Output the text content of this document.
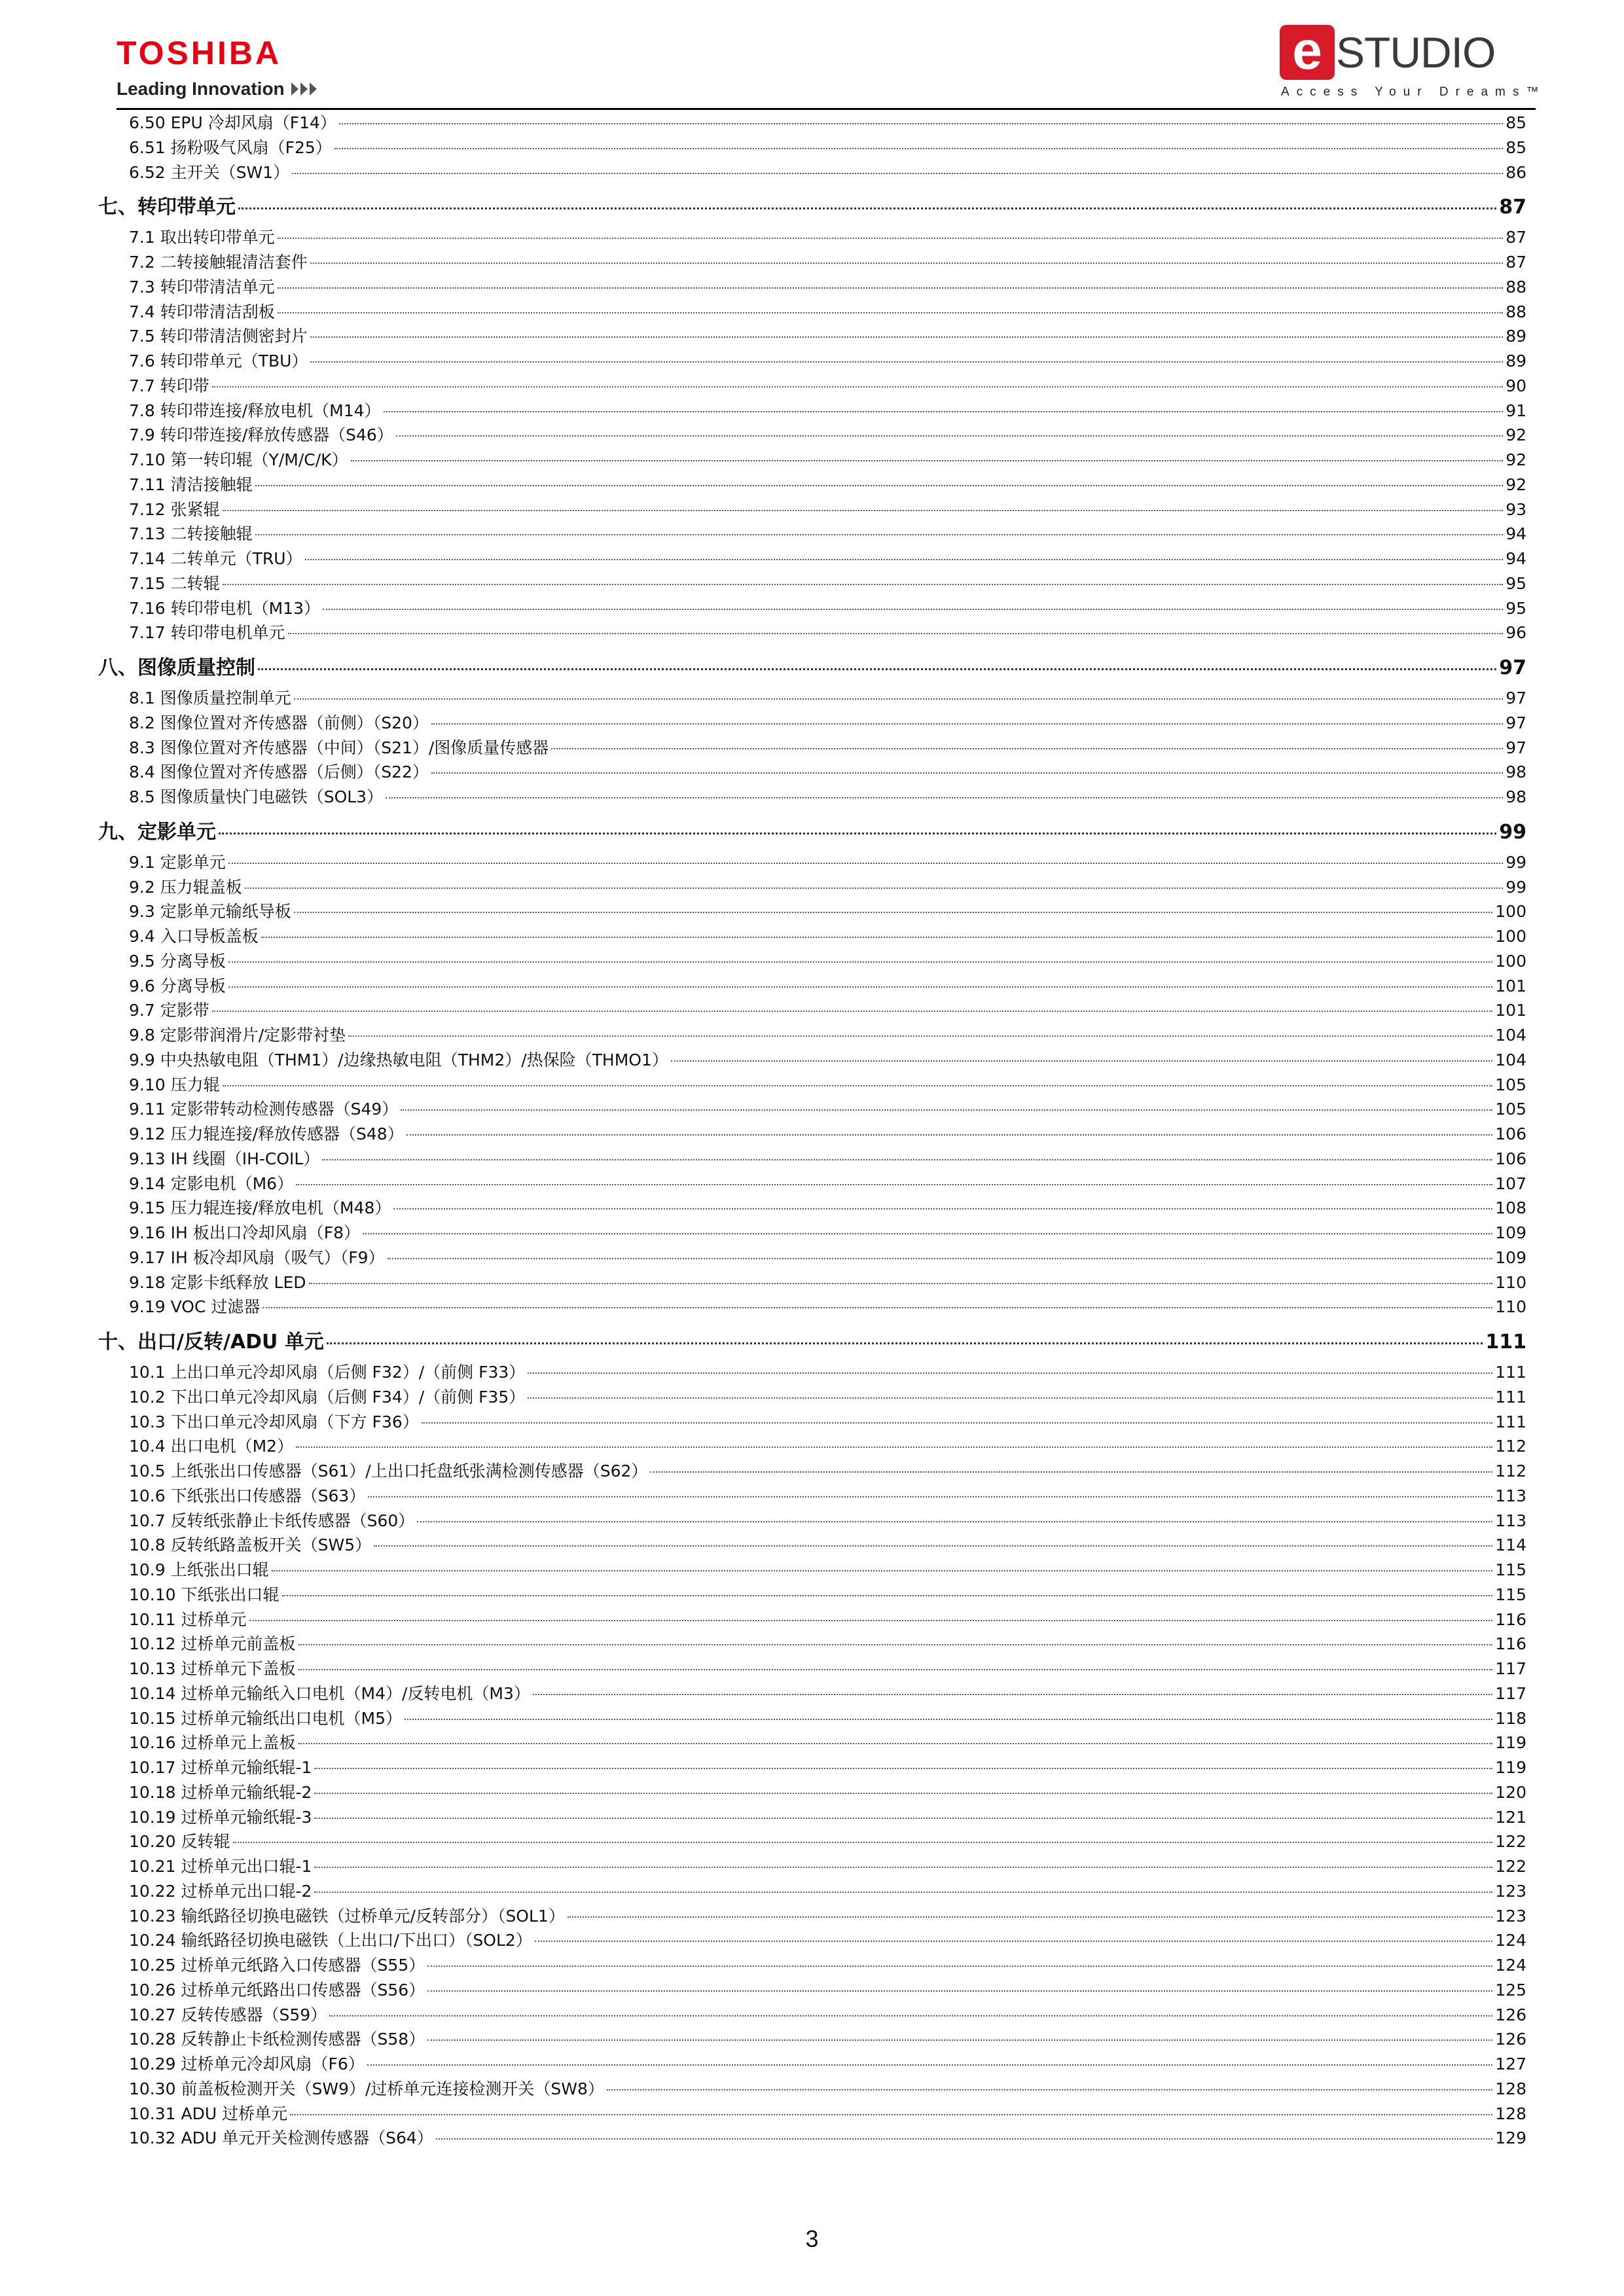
TOSHIBA
Leading Innovation
e STUDIO
Access Your Dreams™
6.50 EPU 冷却风扇（F14）	85
6.51 扬粉吸气风扇（F25）	85
6.52 主开关（SW1）	86
七、转印带单元	87
7.1 取出转印带单元	87
7.2 二转接触辊清洁套件	87
7.3 转印带清洁单元	88
7.4 转印带清洁刮板	88
7.5 转印带清洁侧密封片	89
7.6 转印带单元（TBU）	89
7.7 转印带	90
7.8 转印带连接/释放电机（M14）	91
7.9 转印带连接/释放传感器（S46）	92
7.10 第一转印辊（Y/M/C/K）	92
7.11 清洁接触辊	92
7.12 张紧辊	93
7.13 二转接触辊	94
7.14 二转单元（TRU）	94
7.15 二转辊	95
7.16 转印带电机（M13）	95
7.17 转印带电机单元	96
八、图像质量控制	97
8.1 图像质量控制单元	97
8.2 图像位置对齐传感器（前侧）（S20）	97
8.3 图像位置对齐传感器（中间）（S21）/图像质量传感器	97
8.4 图像位置对齐传感器（后侧）（S22）	98
8.5 图像质量快门电磁铁（SOL3）	98
九、定影单元	99
9.1 定影单元	99
9.2 压力辊盖板	99
9.3 定影单元输纸导板	100
9.4 入口导板盖板	100
9.5 分离导板	100
9.6 分离导板	101
9.7 定影带	101
9.8 定影带润滑片/定影带衬垫	104
9.9 中央热敏电阻（THM1）/边缘热敏电阻（THM2）/热保险（THMO1）	104
9.10 压力辊	105
9.11 定影带转动检测传感器（S49）	105
9.12 压力辊连接/释放传感器（S48）	106
9.13 IH 线圈（IH-COIL）	106
9.14 定影电机（M6）	107
9.15 压力辊连接/释放电机（M48）	108
9.16 IH 板出口冷却风扇（F8）	109
9.17 IH 板冷却风扇（吸气）（F9）	109
9.18 定影卡纸释放 LED	110
9.19 VOC 过滤器	110
十、出口/反转/ADU 单元	111
10.1 上出口单元冷却风扇（后侧 F32）/（前侧 F33）	111
10.2 下出口单元冷却风扇（后侧 F34）/（前侧 F35）	111
10.3 下出口单元冷却风扇（下方 F36）	111
10.4 出口电机（M2）	112
10.5 上纸张出口传感器（S61）/上出口托盘纸张满检测传感器（S62）	112
10.6 下纸张出口传感器（S63）	113
10.7 反转纸张静止卡纸传感器（S60）	113
10.8 反转纸路盖板开关（SW5）	114
10.9 上纸张出口辊	115
10.10 下纸张出口辊	115
10.11 过桥单元	116
10.12 过桥单元前盖板	116
10.13 过桥单元下盖板	117
10.14 过桥单元输纸入口电机（M4）/反转电机（M3）	117
10.15 过桥单元输纸出口电机（M5）	118
10.16 过桥单元上盖板	119
10.17 过桥单元输纸辊-1	119
10.18 过桥单元输纸辊-2	120
10.19 过桥单元输纸辊-3	121
10.20 反转辊	122
10.21 过桥单元出口辊-1	122
10.22 过桥单元出口辊-2	123
10.23 输纸路径切换电磁铁（过桥单元/反转部分）（SOL1）	123
10.24 输纸路径切换电磁铁（上出口/下出口）（SOL2）	124
10.25 过桥单元纸路入口传感器（S55）	124
10.26 过桥单元纸路出口传感器（S56）	125
10.27 反转传感器（S59）	126
10.28 反转静止卡纸检测传感器（S58）	126
10.29 过桥单元冷却风扇（F6）	127
10.30 前盖板检测开关（SW9）/过桥单元连接检测开关（SW8）	128
10.31 ADU 过桥单元	128
10.32 ADU 单元开关检测传感器（S64）	129
3
